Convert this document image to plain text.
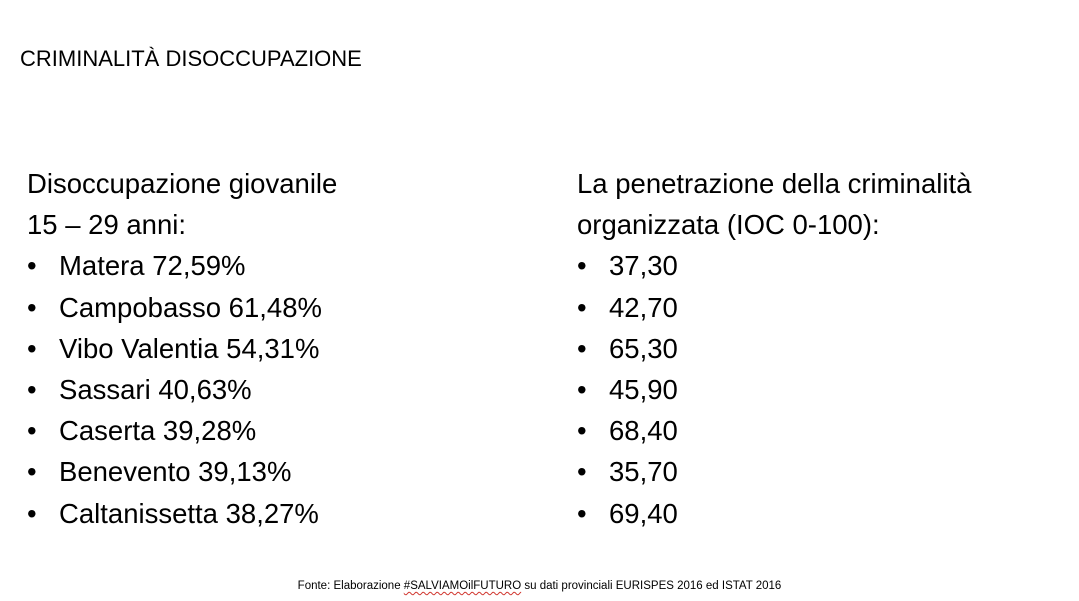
CRIMINALITÀ DISOCCUPAZIONE
Disoccupazione giovanile
15 – 29 anni:
• Matera 72,59%
• Campobasso 61,48%
• Vibo Valentia 54,31%
• Sassari 40,63%
• Caserta 39,28%
• Benevento 39,13%
• Caltanissetta 38,27%
La penetrazione della criminalità
organizzata (IOC 0-100):
• 37,30
• 42,70
• 65,30
• 45,90
• 68,40
• 35,70
• 69,40
Fonte: Elaborazione #SALVIAMOilFUTURO su dati provinciali EURISPES 2016 ed ISTAT 2016
